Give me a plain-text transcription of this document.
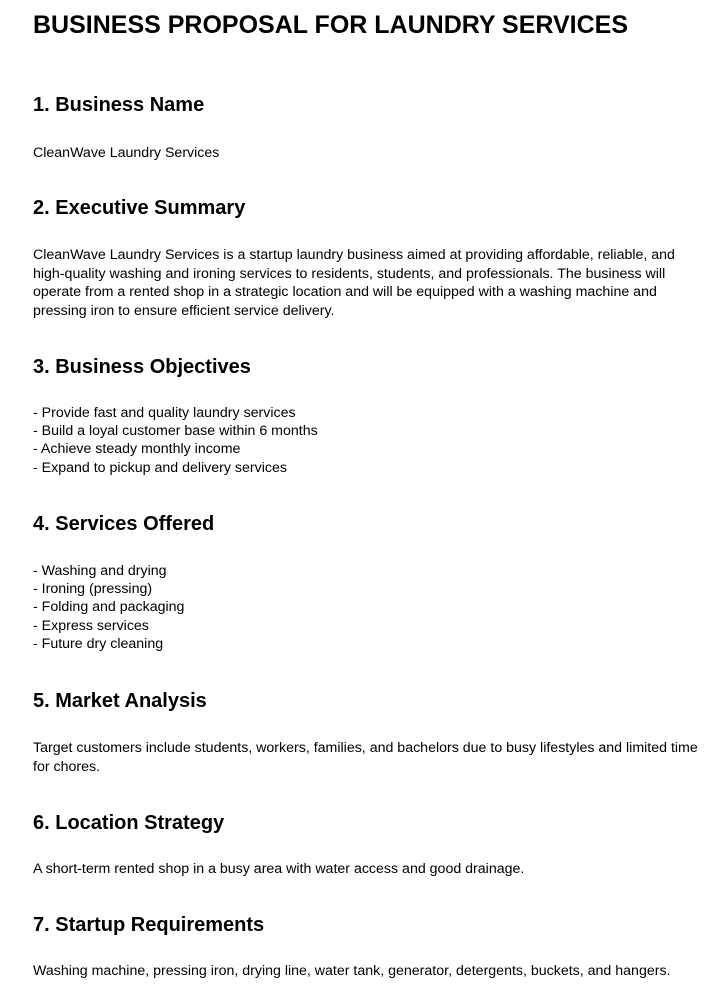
BUSINESS PROPOSAL FOR LAUNDRY SERVICES
1. Business Name

CleanWave Laundry Services

2. Executive Summary

CleanWave Laundry Services is a startup laundry business aimed at providing affordable, reliable, and high-quality washing and ironing services to residents, students, and professionals. The business will operate from a rented shop in a strategic location and will be equipped with a washing machine and pressing iron to ensure efficient service delivery.

3. Business Objectives
- Provide fast and quality laundry services
- Build a loyal customer base within 6 months
- Achieve steady monthly income
- Expand to pickup and delivery services
4. Services Offered
- Washing and drying
- Ironing (pressing)
- Folding and packaging
- Express services
- Future dry cleaning
5. Market Analysis

Target customers include students, workers, families, and bachelors due to busy lifestyles and limited time for chores.

6. Location Strategy

A short-term rented shop in a busy area with water access and good drainage.

7. Startup Requirements

Washing machine, pressing iron, drying line, water tank, generator, detergents, buckets, and hangers.
